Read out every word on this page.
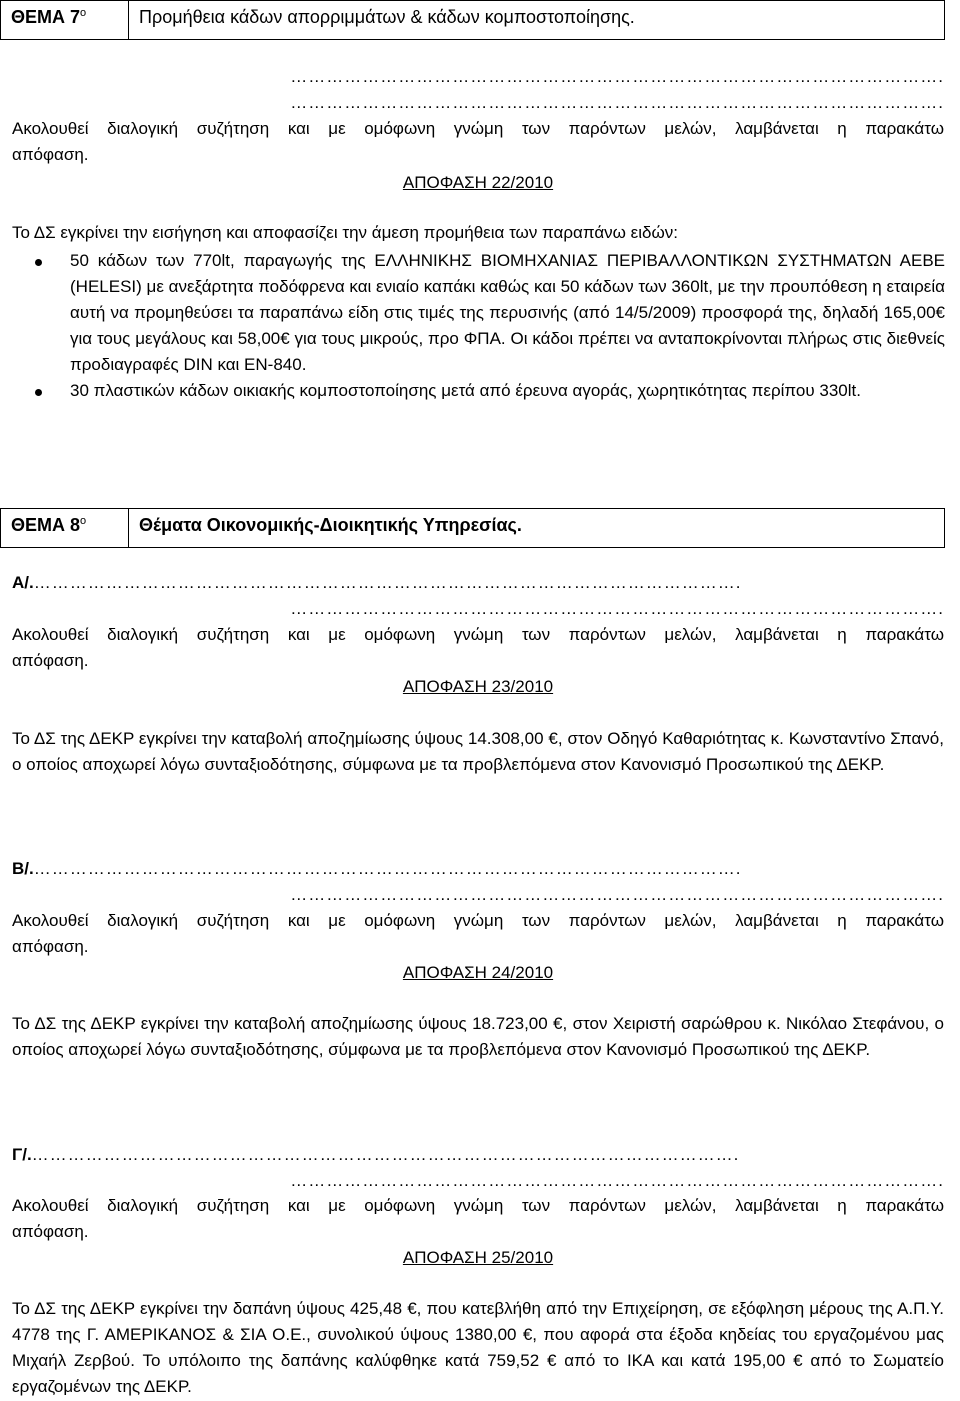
ΘΕΜΑ $7^o$	Προμήθεια κάδων απορριμμάτων & κάδων κομποστοποίησης.
……………………………………………………………………………………………….
……………………………………………………………………………………………….
Ακολουθεί διαλογική συζήτηση και με ομόφωνη γνώμη των παρόντων μελών, λαμβάνεται η παρακάτω
απόφαση.
ΑΠΟΦΑΣΗ 22/2010
Το ΔΣ εγκρίνει την εισήγηση και αποφασίζει την άμεση προμήθεια των παραπάνω ειδών:
50 κάδων των 770lt, παραγωγής της ΕΛΛΗΝΙΚΗΣ ΒΙΟΜΗΧΑΝΙΑΣ ΠΕΡΙΒΑΛΛΟΝΤΙΚΩΝ ΣΥΣΤΗΜΑΤΩΝ ΑΕΒΕ (HELESI) με ανεξάρτητα ποδόφρενα και ενιαίο καπάκι καθώς και 50 κάδων των 360lt, με την προυπόθεση η εταιρεία αυτή να προμηθεύσει τα παραπάνω είδη στις τιμές της περυσινής (από 14/5/2009) προσφορά της, δηλαδή 165,00€ για τους μεγάλους και 58,00€ για τους μικρούς, προ ΦΠΑ. Οι κάδοι πρέπει να ανταποκρίνονται πλήρως στις διεθνείς προδιαγραφές DIN και EN-840.
30 πλαστικών κάδων οικιακής κομποστοποίησης μετά από έρευνα αγοράς, χωρητικότητας περίπου 330lt.
ΘΕΜΑ $8^o$	Θέματα Οικονομικής-Διοικητικής Υπηρεσίας.
Α/.……………………………………………………………………………………………………….
……………………………………………………………………………………………….
Ακολουθεί διαλογική συζήτηση και με ομόφωνη γνώμη των παρόντων μελών, λαμβάνεται η παρακάτω
απόφαση.
ΑΠΟΦΑΣΗ 23/2010
Το ΔΣ της ΔΕΚΡ εγκρίνει την καταβολή αποζημίωσης ύψους 14.308,00 €, στον Οδηγό Καθαριότητας κ. Κωνσταντίνο Σπανό, ο οποίος αποχωρεί λόγω συνταξιοδότησης, σύμφωνα με τα προβλεπόμενα στον Κανονισμό Προσωπικού της ΔΕΚΡ.
Β/.……………………………………………………………………………………………………….
……………………………………………………………………………………………….
Ακολουθεί διαλογική συζήτηση και με ομόφωνη γνώμη των παρόντων μελών, λαμβάνεται η παρακάτω
απόφαση.
ΑΠΟΦΑΣΗ 24/2010
Το ΔΣ της ΔΕΚΡ εγκρίνει την καταβολή αποζημίωσης ύψους 18.723,00 €, στον Χειριστή σαρώθρου κ. Νικόλαο Στεφάνου, ο οποίος αποχωρεί λόγω συνταξιοδότησης, σύμφωνα με τα προβλεπόμενα στον Κανονισμό Προσωπικού της ΔΕΚΡ.
Γ/.……………………………………………………………………………………………………….
……………………………………………………………………………………………….
Ακολουθεί διαλογική συζήτηση και με ομόφωνη γνώμη των παρόντων μελών, λαμβάνεται η παρακάτω
απόφαση.
ΑΠΟΦΑΣΗ 25/2010
Το ΔΣ της ΔΕΚΡ εγκρίνει την δαπάνη ύψους 425,48 €, που κατεβλήθη από την Επιχείρηση, σε εξόφληση μέρους της Α.Π.Υ. 4778 της Γ. ΑΜΕΡΙΚΑΝΟΣ & ΣΙΑ Ο.Ε., συνολικού ύψους 1380,00 €, που αφορά στα έξοδα κηδείας του εργαζομένου μας Μιχαήλ Ζερβού. Το υπόλοιπο της δαπάνης καλύφθηκε κατά 759,52 € από το ΙΚΑ και κατά 195,00 € από το Σωματείο εργαζομένων της ΔΕΚΡ.
